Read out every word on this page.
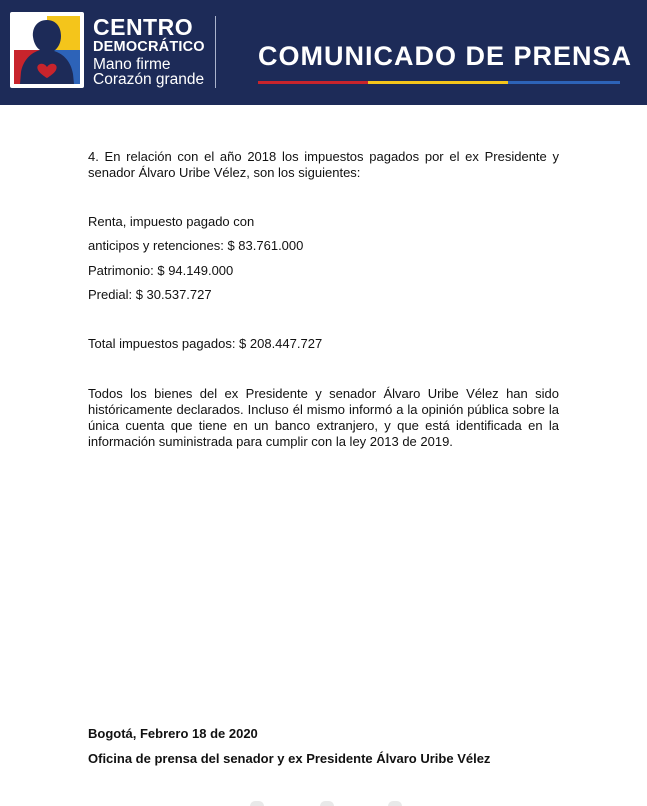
CENTRO
DEMOCRÁTICO
Mano firme
Corazón grande
COMUNICADO DE PRENSA
4. En relación con el año 2018 los impuestos pagados por el ex Presidente y senador Álvaro Uribe Vélez, son los siguientes:
Renta, impuesto pagado con
anticipos y retenciones: $ 83.761.000
Patrimonio: $ 94.149.000
Predial: $ 30.537.727
Total impuestos pagados: $ 208.447.727
Todos los bienes del ex Presidente y senador Álvaro Uribe Vélez han sido históricamente declarados. Incluso él mismo informó a la opinión pública sobre la única cuenta que tiene en un banco extranjero, y que está identificada en la información suministrada para cumplir con la ley 2013 de 2019.
Bogotá, Febrero 18 de 2020
Oficina de prensa del senador y ex Presidente Álvaro Uribe Vélez
